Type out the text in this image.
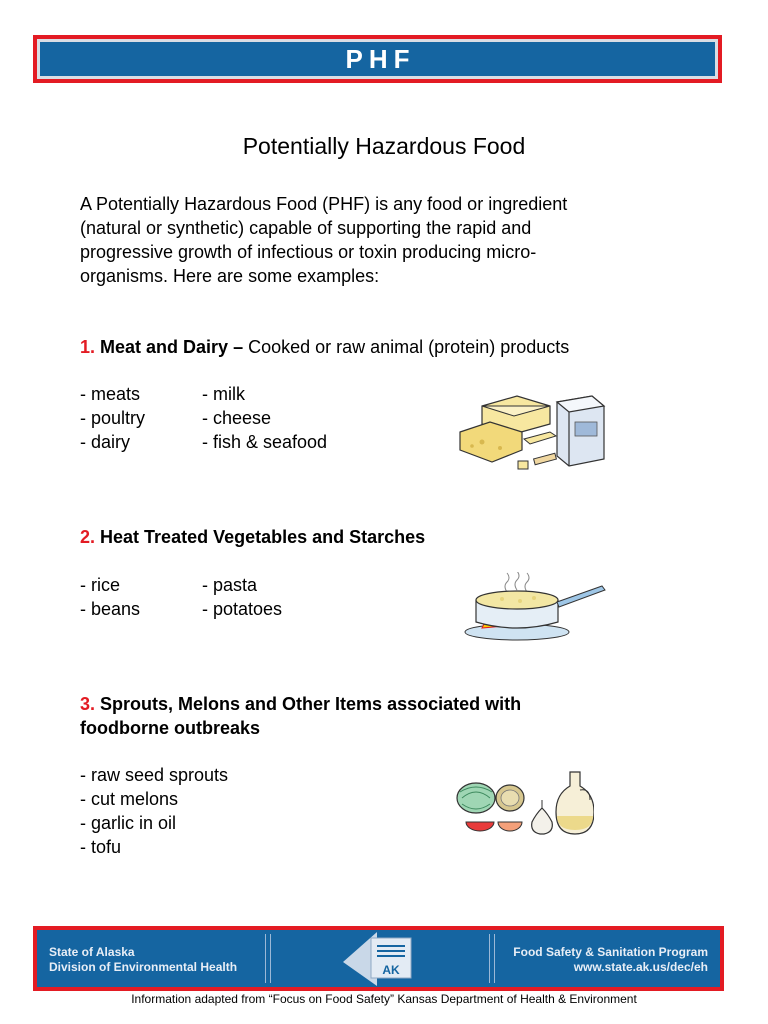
PHF
Potentially Hazardous Food
A Potentially Hazardous Food (PHF) is any food or ingredient
(natural or synthetic) capable of supporting the rapid and
progressive growth of infectious or toxin producing micro-
organisms. Here are some examples:
1. Meat and Dairy – Cooked or raw animal (protein) products
- meats
- poultry
- dairy
- milk
- cheese
- fish & seafood
2. Heat Treated Vegetables and Starches
- rice
- beans
- pasta
- potatoes
3. Sprouts, Melons and Other Items associated with
foodborne outbreaks
- raw seed sprouts
- cut melons
- garlic in oil
- tofu
State of Alaska
Division of Environmental Health	AK
Food Safety & Sanitation Program
www.state.ak.us/dec/eh
Information adapted from “Focus on Food Safety” Kansas Department of Health & Environment
